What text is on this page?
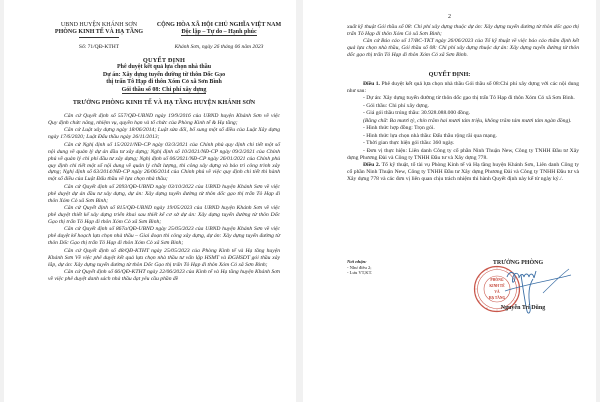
UBND HUYỆN KHÁNH SƠN
PHÒNG KINH TẾ VÀ HẠ TẦNG
CỘNG HÒA XÃ HỘI CHỦ NGHĨA VIỆT NAM
Độc lập – Tự do – Hạnh phúc
Số: 71/QĐ-KTHT	Khánh Sơn, ngày 26 tháng 06 năm 2023
QUYẾT ĐỊNH
Phê duyệt kết quả lựa chọn nhà thầu
Dự án: Xây dựng tuyến đường từ thôn Dốc Gạo
thị trấn Tô Hạp đi thôn Xóm Cỏ xã Sơn Bình
Gói thầu số 08: Chi phí xây dựng
TRƯỞNG PHÒNG KINH TẾ VÀ HẠ TẦNG HUYỆN KHÁNH SƠN

Căn cứ Quyết định số 557/QĐ-UBND ngày 19/9/2016 của UBND huyện Khánh Sơn về việc Quy định chức năng, nhiệm vụ, quyền hạn và tổ chức của Phòng Kinh tế & Hạ tầng;

Căn cứ Luật xây dựng ngày 18/06/2014; Luật sửa đổi, bổ sung một số điều của Luật Xây dựng ngày 17/6/2020; Luật Đấu thầu ngày 26/11/2013;

Căn cứ Nghị định số 15/2021/NĐ-CP ngày 03/3/2021 của Chính phủ quy định chi tiết một số nội dung về quản lý dự án đầu tư xây dựng; Nghị định số 10/2021/NĐ-CP ngày 09/2/2021 của Chính phủ về quản lý chi phí đầu tư xây dựng; Nghị định số 06/2021/NĐ-CP ngày 26/01/2021 của Chính phủ quy định chi tiết một số nội dung về quản lý chất lượng, thi công xây dựng và bảo trì công trình xây dựng; Nghị định số 63/2014/NĐ-CP ngày 26/06/2014 của Chính phủ về việc quy định chi tiết thi hành một số điều của Luật Đấu thầu về lựa chọn nhà thầu;

Căn cứ Quyết định số 2093/QĐ-UBND ngày 03/10/2022 của UBND huyện Khánh Sơn về việc phê duyệt dự án đầu tư xây dựng, dự án: Xây dựng tuyến đường từ thôn dốc gạo thị trấn Tô Hạp đi thôn Xóm Cỏ xã Sơn Bình;

Căn cứ Quyết định số 815/QĐ-UBND ngày 19/05/2023 của UBND huyện Khánh Sơn về việc phê duyệt thiết kế xây dựng triển khai sau thiết kế cơ sở dự án: Xây dựng tuyến đường từ thôn Dốc Gạo thị trấn Tô Hạp đi thôn Xóm Cỏ xã Sơn Bình;

Căn cứ Quyết định số 867a/QĐ-UBND ngày 25/05/2023 của UBND huyện Khánh Sơn về việc phê duyệt kế hoạch lựa chọn nhà thầu – Giai đoạn thi công xây dựng, dự án: Xây dựng tuyến đường từ thôn Dốc Gạo thị trấn Tô Hạp đi thôn Xóm Cỏ xã Sơn Bình;

Căn cứ Quyết định số 48/QĐ-KTHT ngày 25/05/2023 của Phòng Kinh tế và Hạ tầng huyện Khánh Sơn Về việc phê duyệt kết quả lựa chọn nhà thầu tư vấn lập HSMT và ĐGHSDT gói thầu xây lắp, dự án: Xây dựng tuyến đường từ thôn Dốc Gạo thị trấn Tô Hạp đi thôn Xóm Cỏ xã Sơn Bình;

Căn cứ Quyết định số 66/QĐ-KTHT ngày 22/06/2023 của Kinh tế và Hạ tầng huyện Khánh Sơn về việc phê duyệt danh sách nhà thầu đạt yêu cầu phần đề

2

xuất kỹ thuật Gói thầu số 08: Chi phí xây dựng thuộc dự án: Xây dựng tuyến đường từ thôn dốc gạo thị trấn Tô Hạp đi thôn Xóm Cỏ xã Sơn Bình;

Căn cứ Báo cáo số 17/BC-TKT ngày 26/06/2023 của Tổ kỹ thuật về việc báo cáo thẩm định kết quả lựa chọn nhà thầu, Gói thầu số 08: Chi phí xây dựng thuộc dự án: Xây dựng tuyến đường từ thôn dốc gạo thị trấn Tô Hạp đi thôn Xóm Cỏ xã Sơn Bình.

QUYẾT ĐỊNH:

Điều 1. Phê duyệt kết quả lựa chọn nhà thầu Gói thầu số 08:Chi phí xây dựng với các nội dung như sau:

- Dự án: Xây dựng tuyến đường từ thôn dốc gạo thị trấn Tô Hạp đi thôn Xóm Cỏ xã Sơn Bình.

- Gói thầu: Chi phí xây dựng.

- Giá gói thầu trúng thầu: 30.928.088.000 đồng.

(Bằng chữ: Ba mươi tỷ, chín trăm hai mươi tám triệu, không trăm tám mươi tám ngàn đồng).

- Hình thức hợp đồng: Trọn gói.

- Hình thức lựa chọn nhà thầu: Đấu thầu rộng rãi qua mạng.

- Thời gian thực hiện gói thầu: 360 ngày.

- Đơn vị thực hiện: Liên danh Công ty cổ phần Ninh Thuận New, Công ty TNHH Đầu tư Xây dựng Phương Đài và Công ty TNHH Đầu tư và Xây dựng 778.

Điều 2. Tổ kỹ thuật, tổ tài vụ Phòng Kinh tế và Hạ tầng huyện Khánh Sơn, Liên danh Công ty cổ phần Ninh Thuận New, Công ty TNHH Đầu tư Xây dựng Phương Đài và Công ty TNHH Đầu tư và Xây dựng 778 và các đơn vị liên quan chịu trách nhiệm thi hành Quyết định này kể từ ngày ký./.

Nơi nhận:
- Như điều 2;
- Lưu VT,KT.
TRƯỞNG PHÒNG
PHÒNG
KINH TẾ
VÀ
HẠ TẦNG
Nguyễn Trí Dũng
